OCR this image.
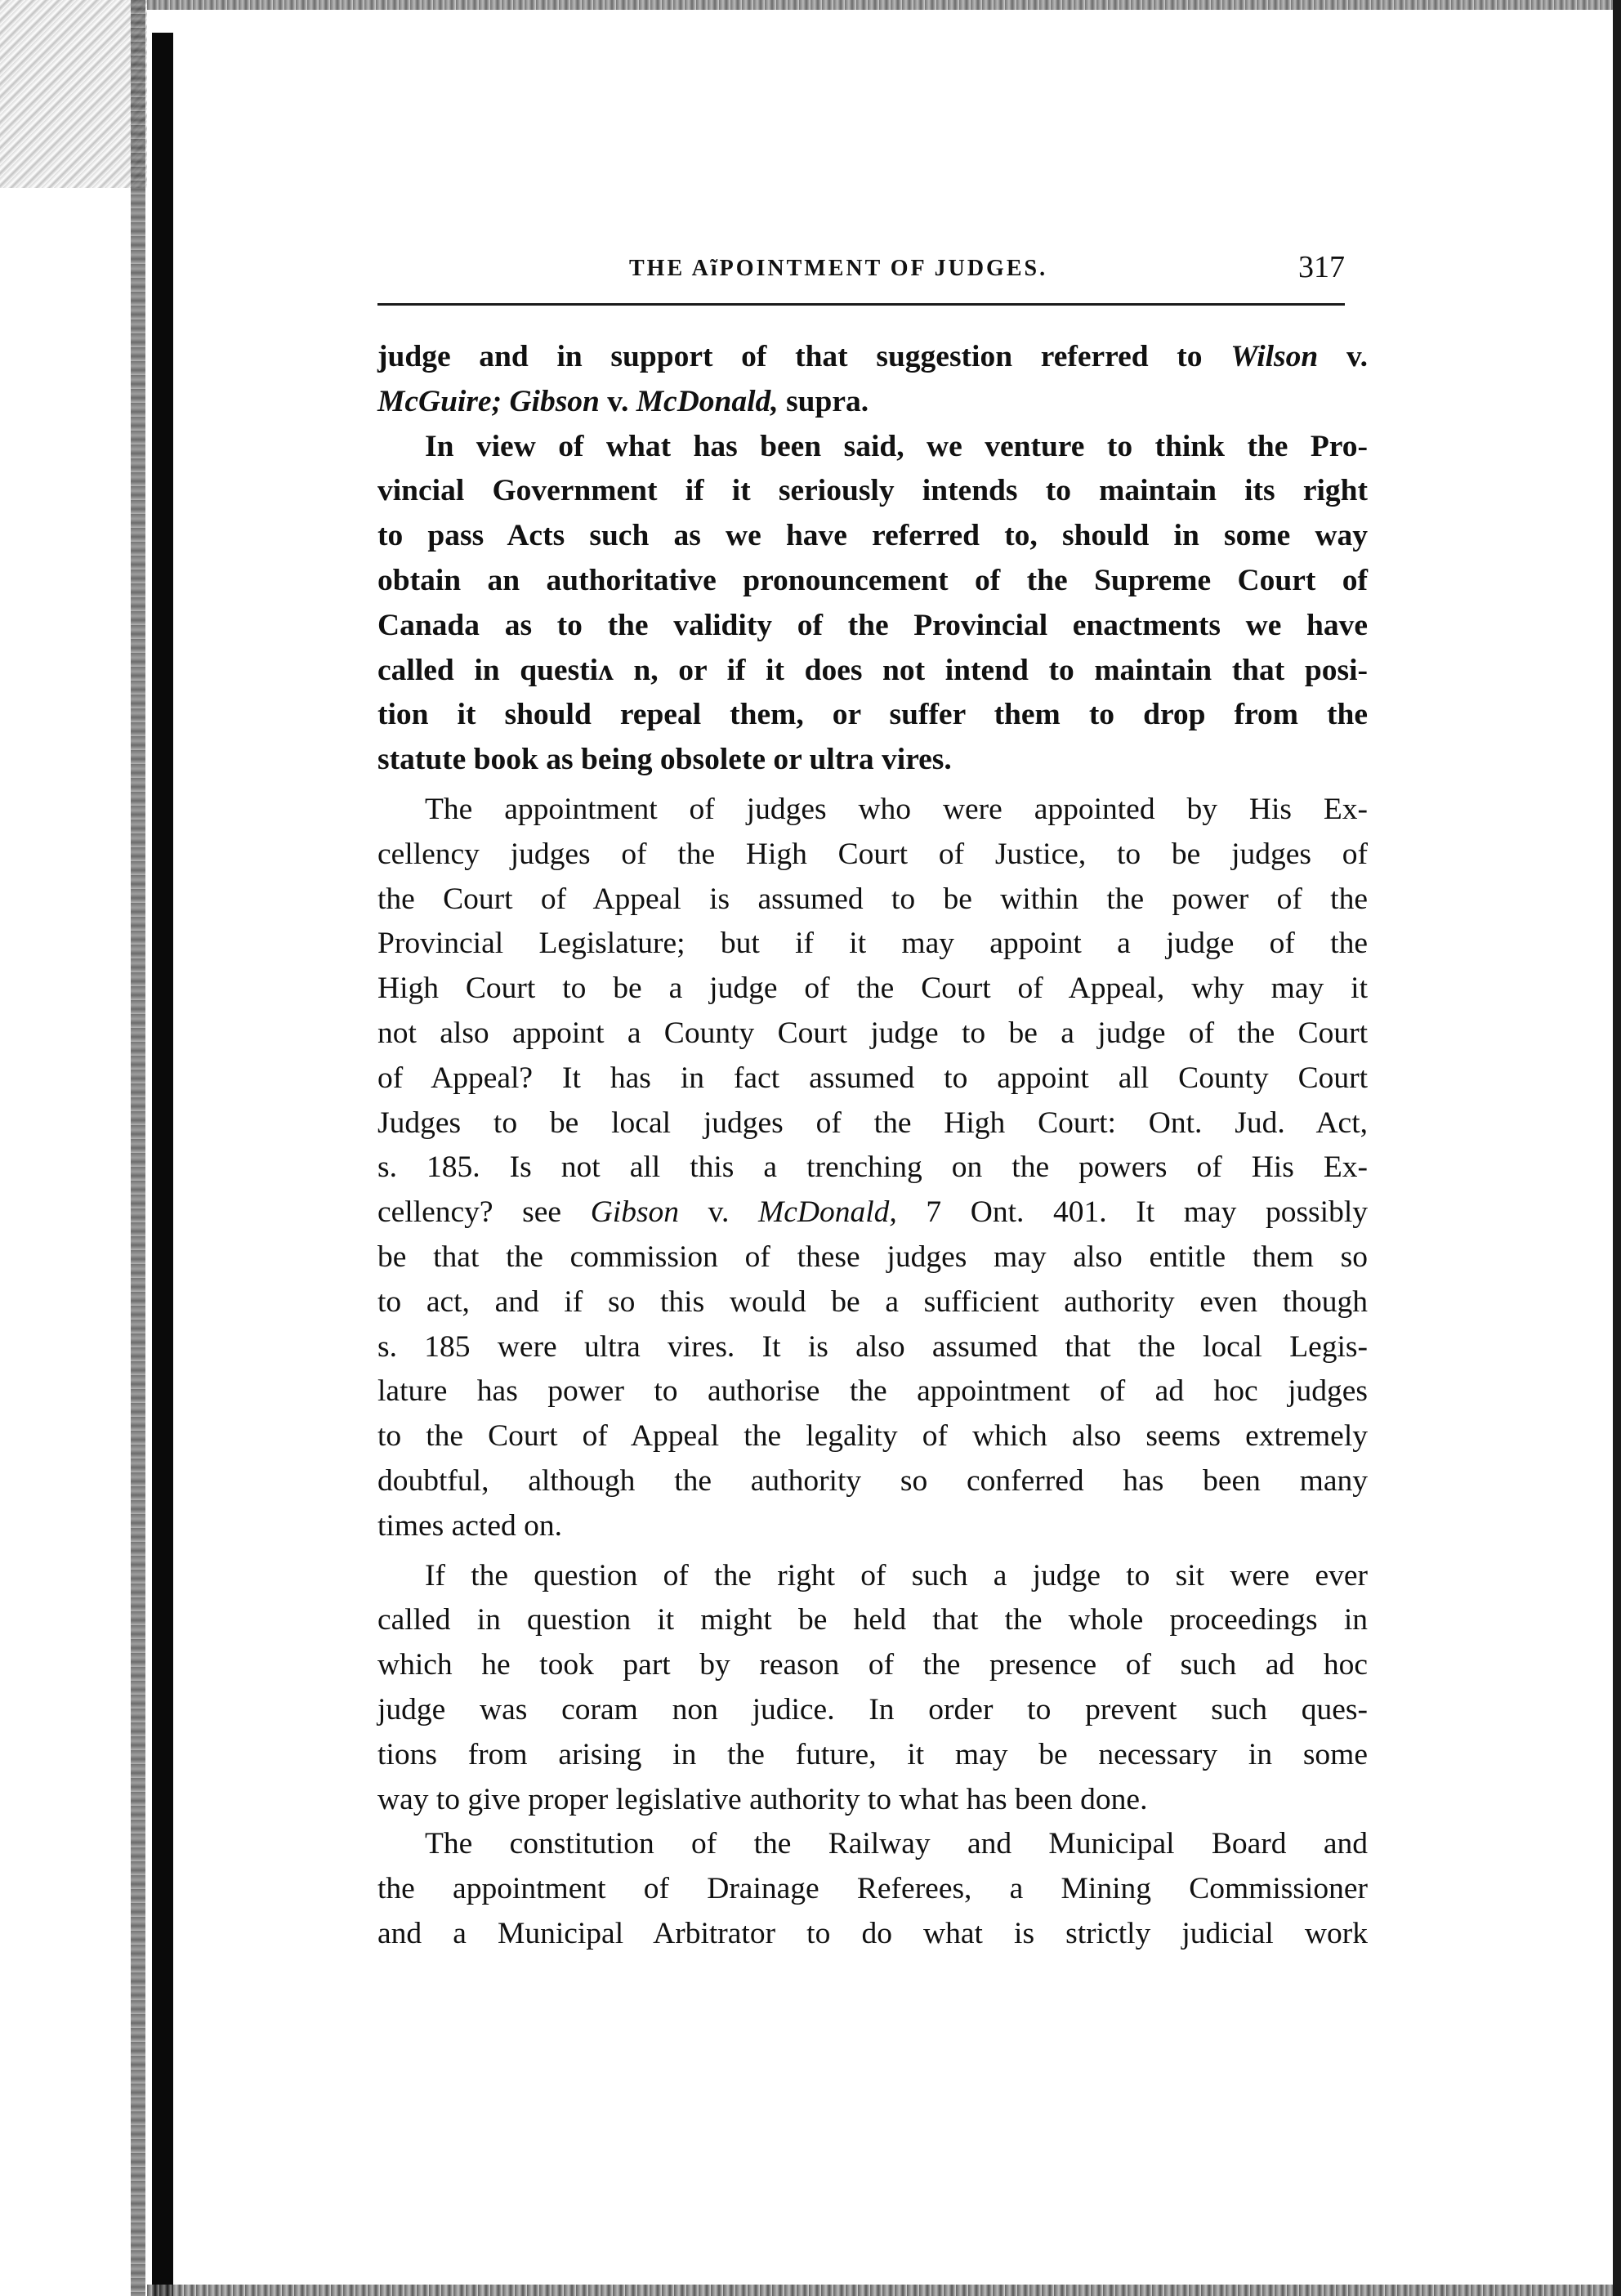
THE AĩPOINTMENT OF JUDGES.	317
judge and in support of that suggestion referred to Wilson v.
McGuire; Gibson v. McDonald, supra.
In view of what has been said, we venture to think the Pro-
vincial Government if it seriously intends to maintain its right
to pass Acts such as we have referred to, should in some way
obtain an authoritative pronouncement of the Supreme Court of
Canada as to the validity of the Provincial enactments we have
called in questiʌ n, or if it does not intend to maintain that posi-
tion it should repeal them, or suffer them to drop from the
statute book as being obsolete or ultra vires.
The appointment of judges who were appointed by His Ex-
cellency judges of the High Court of Justice, to be judges of
the Court of Appeal is assumed to be within the power of the
Provincial Legislature; but if it may appoint a judge of the
High Court to be a judge of the Court of Appeal, why may it
not also appoint a County Court judge to be a judge of the Court
of Appeal? It has in fact assumed to appoint all County Court
Judges to be local judges of the High Court: Ont. Jud. Act,
s. 185. Is not all this a trenching on the powers of His Ex-
cellency? see Gibson v. McDonald, 7 Ont. 401. It may possibly
be that the commission of these judges may also entitle them so
to act, and if so this would be a sufficient authority even though
s. 185 were ultra vires. It is also assumed that the local Legis-
lature has power to authorise the appointment of ad hoc judges
to the Court of Appeal the legality of which also seems extremely
doubtful, although the authority so conferred has been many
times acted on.
If the question of the right of such a judge to sit were ever
called in question it might be held that the whole proceedings in
which he took part by reason of the presence of such ad hoc
judge was coram non judice. In order to prevent such ques-
tions from arising in the future, it may be necessary in some
way to give proper legislative authority to what has been done.
The constitution of the Railway and Municipal Board and
the appointment of Drainage Referees, a Mining Commissioner
and a Municipal Arbitrator to do what is strictly judicial work
